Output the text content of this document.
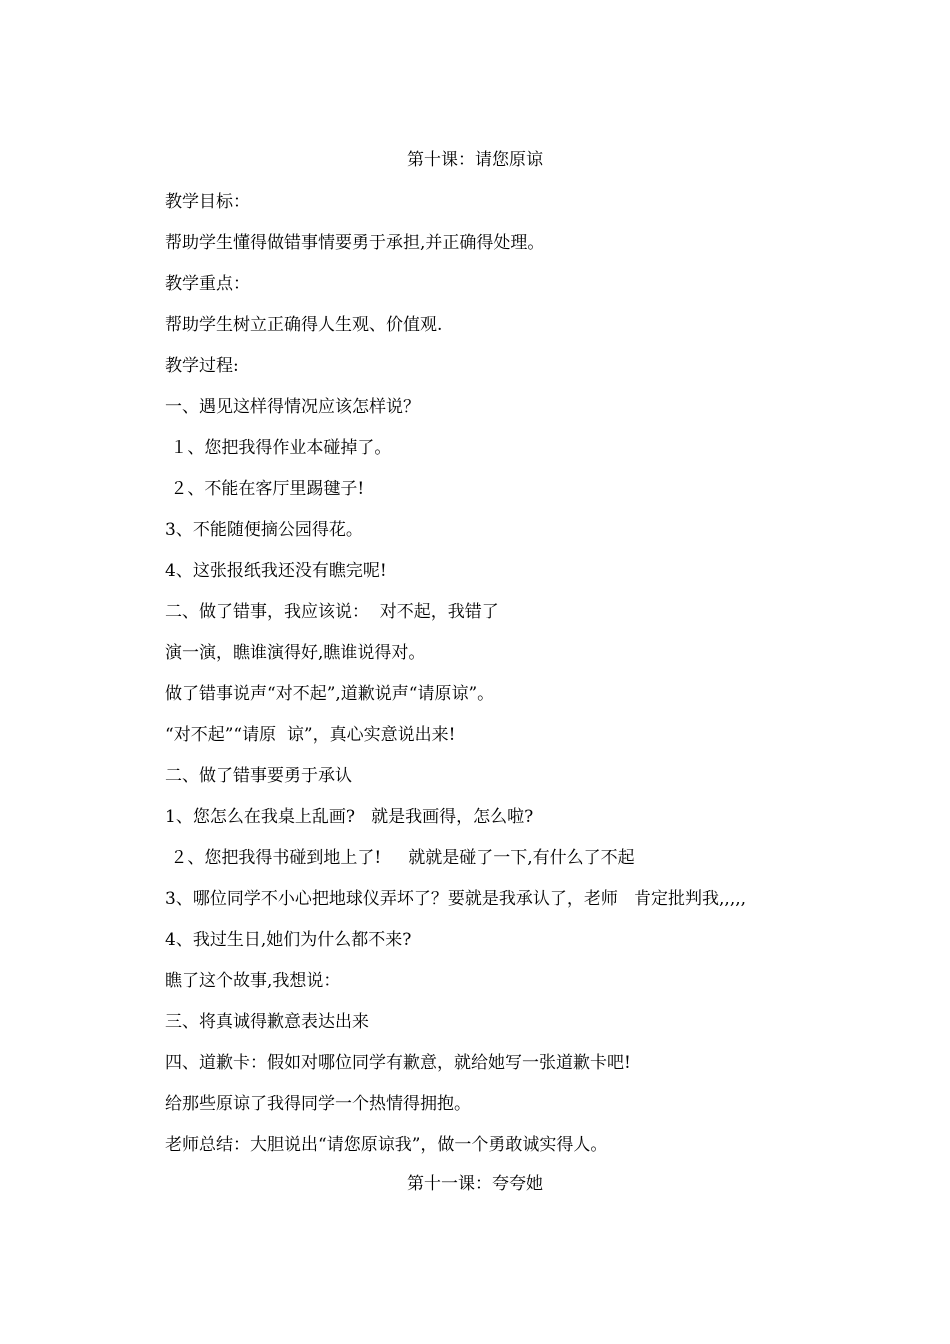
第十课：请您原谅
教学目标：
帮助学生懂得做错事情要勇于承担,并正确得处理。
教学重点：
帮助学生树立正确得人生观、价值观.
教学过程:
一、遇见这样得情况应该怎样说？
１、您把我得作业本碰掉了。
２、不能在客厅里踢毽子!
3、不能随便摘公园得花。
4、这张报纸我还没有瞧完呢!
二、做了错事，我应该说：  对不起，我错了
演一演，瞧谁演得好,瞧谁说得对。
做了错事说声“对不起”,道歉说声“请原谅”。
“对不起”“请原  谅”，真心实意说出来!
二、做了错事要勇于承认
1、您怎么在我桌上乱画?   就是我画得，怎么啦?
２、您把我得书碰到地上了!     就就是碰了一下,有什么了不起
3、哪位同学不小心把地球仪弄坏了？要就是我承认了，老师   肯定批判我,,,,,
4、我过生日,她们为什么都不来?
瞧了这个故事,我想说：
三、将真诚得歉意表达出来
四、道歉卡：假如对哪位同学有歉意，就给她写一张道歉卡吧!
给那些原谅了我得同学一个热情得拥抱。
老师总结：大胆说出“请您原谅我”，做一个勇敢诚实得人。
第十一课：夸夸她
